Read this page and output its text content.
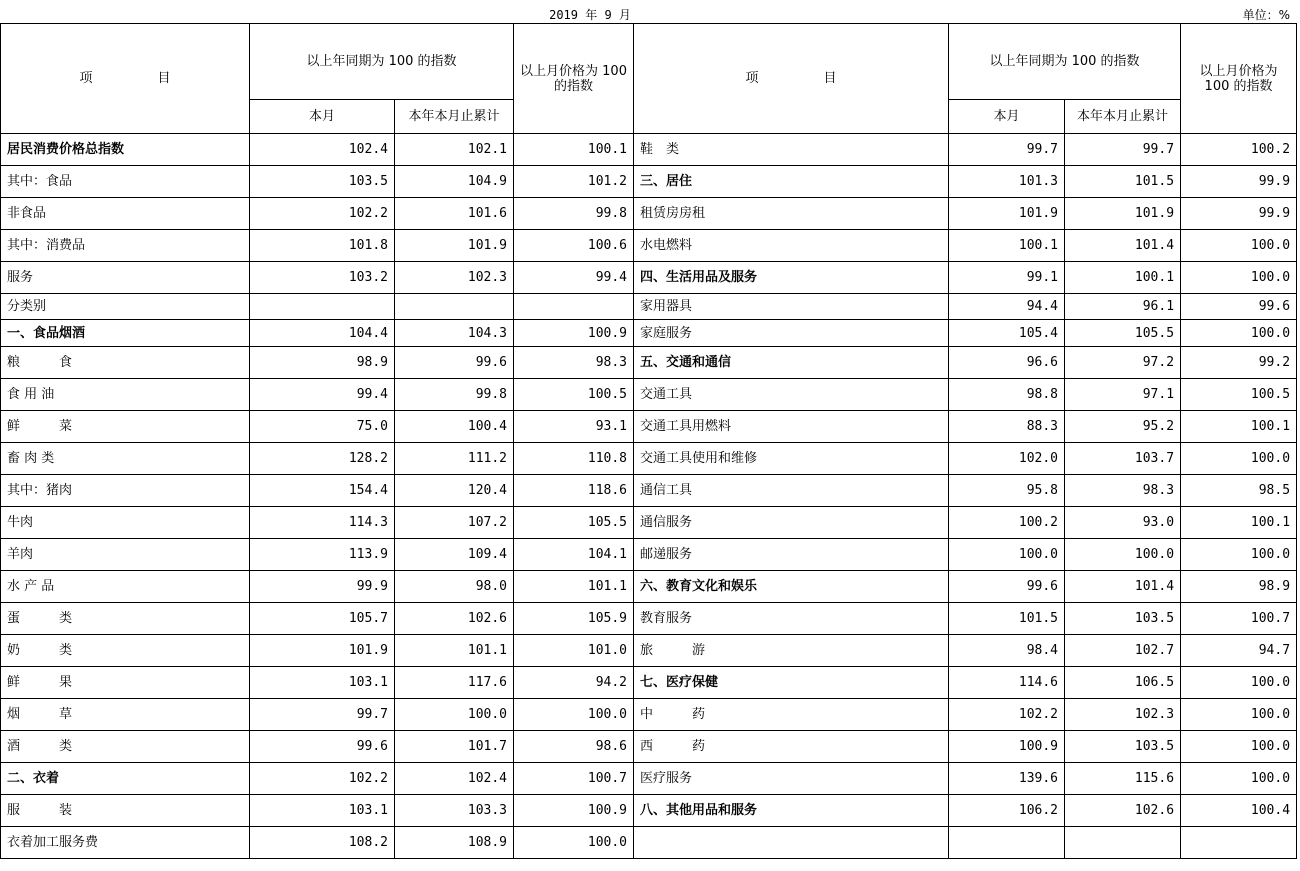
2019 年 9 月	单位：%
项　　　　　目	以上年同期为 100 的指数		以上月价格为 100 的指数	项　　　　　目	以上年同期为 100 的指数		以上月价格为 100 的指数
	本月	本年本月止累计			本月	本年本月止累计	
居民消费价格总指数	102.4	102.1	100.1	鞋　类	99.7	99.7	100.2
其中：食品	103.5	104.9	101.2	三、居住	101.3	101.5	99.9
非食品	102.2	101.6	99.8	租赁房房租	101.9	101.9	99.9
其中：消费品	101.8	101.9	100.6	水电燃料	100.1	101.4	100.0
服务	103.2	102.3	99.4	四、生活用品及服务	99.1	100.1	100.0
分类别				家用器具	94.4	96.1	99.6
一、食品烟酒	104.4	104.3	100.9	家庭服务	105.4	105.5	100.0
粮　　　食	98.9	99.6	98.3	五、交通和通信	96.6	97.2	99.2
食 用 油	99.4	99.8	100.5	交通工具	98.8	97.1	100.5
鲜　　　菜	75.0	100.4	93.1	交通工具用燃料	88.3	95.2	100.1
畜 肉 类	128.2	111.2	110.8	交通工具使用和维修	102.0	103.7	100.0
其中：猪肉	154.4	120.4	118.6	通信工具	95.8	98.3	98.5
牛肉	114.3	107.2	105.5	通信服务	100.2	93.0	100.1
羊肉	113.9	109.4	104.1	邮递服务	100.0	100.0	100.0
水 产 品	99.9	98.0	101.1	六、教育文化和娱乐	99.6	101.4	98.9
蛋　　　类	105.7	102.6	105.9	教育服务	101.5	103.5	100.7
奶　　　类	101.9	101.1	101.0	旅　　　游	98.4	102.7	94.7
鲜　　　果	103.1	117.6	94.2	七、医疗保健	114.6	106.5	100.0
烟　　　草	99.7	100.0	100.0	中　　　药	102.2	102.3	100.0
酒　　　类	99.6	101.7	98.6	西　　　药	100.9	103.5	100.0
二、衣着	102.2	102.4	100.7	医疗服务	139.6	115.6	100.0
服　　　装	103.1	103.3	100.9	八、其他用品和服务	106.2	102.6	100.4
衣着加工服务费	108.2	108.9	100.0				
